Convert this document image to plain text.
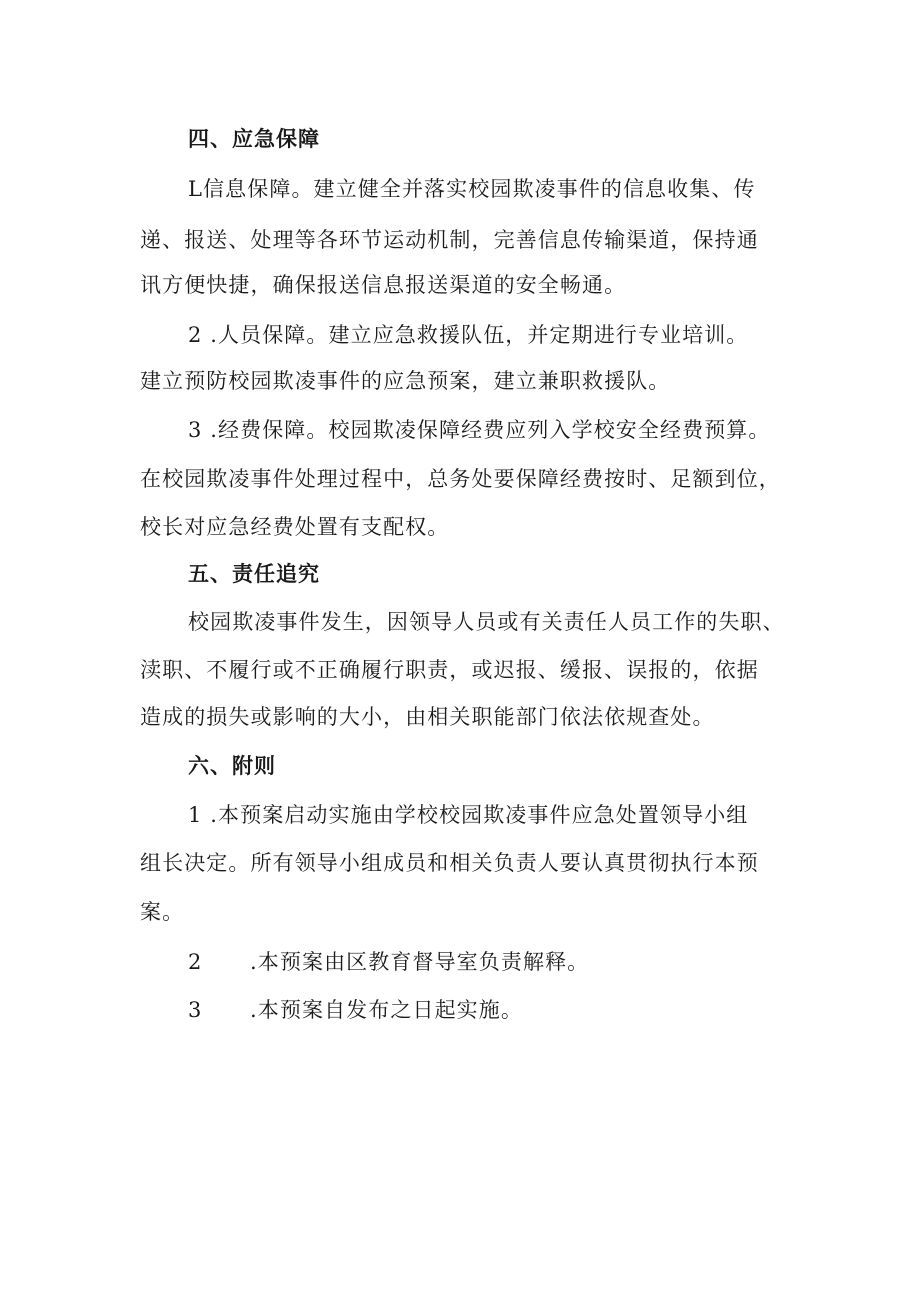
四、应急保障
L信息保障。建立健全并落实校园欺凌事件的信息收集、传
递、报送、处理等各环节运动机制，完善信息传输渠道，保持通
讯方便快捷，确保报送信息报送渠道的安全畅通。
2 .人员保障。建立应急救援队伍，并定期进行专业培训。
建立预防校园欺凌事件的应急预案，建立兼职救援队。
3 .经费保障。校园欺凌保障经费应列入学校安全经费预算。
在校园欺凌事件处理过程中，总务处要保障经费按时、足额到位，
校长对应急经费处置有支配权。
五、责任追究
校园欺凌事件发生，因领导人员或有关责任人员工作的失职、
渎职、不履行或不正确履行职责，或迟报、缓报、误报的，依据
造成的损失或影响的大小，由相关职能部门依法依规查处。
六、附则
1 .本预案启动实施由学校校园欺凌事件应急处置领导小组
组长决定。所有领导小组成员和相关负责人要认真贯彻执行本预
案。
2 .本预案由区教育督导室负责解释。
3 .本预案自发布之日起实施。
